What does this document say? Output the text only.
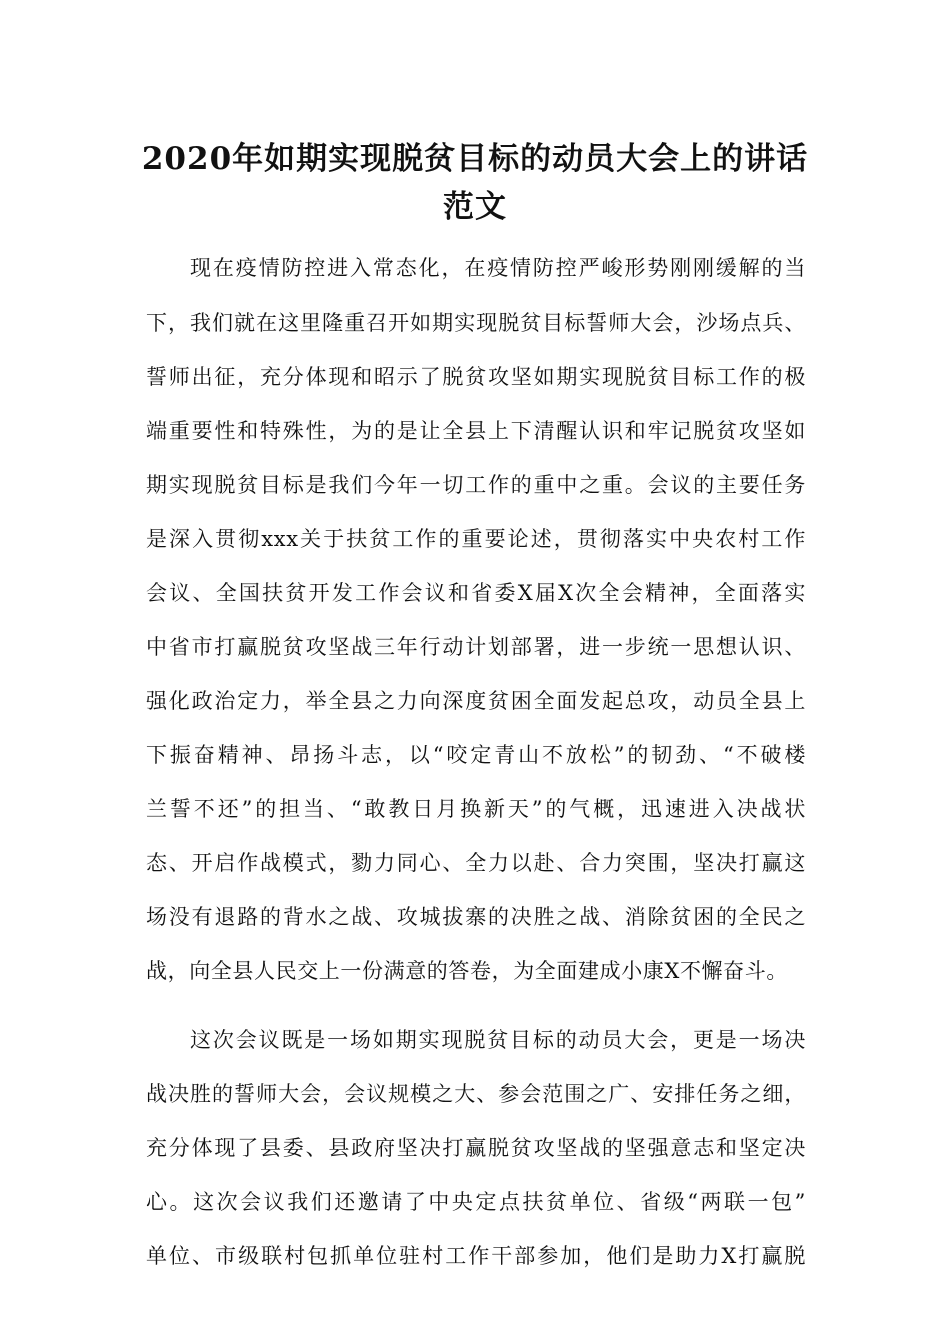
2020年如期实现脱贫目标的动员大会上的讲话
范文

现在疫情防控进入常态化，在疫情防控严峻形势刚刚缓解的当

下，我们就在这里隆重召开如期实现脱贫目标誓师大会，沙场点兵、

誓师出征，充分体现和昭示了脱贫攻坚如期实现脱贫目标工作的极

端重要性和特殊性，为的是让全县上下清醒认识和牢记脱贫攻坚如

期实现脱贫目标是我们今年一切工作的重中之重。会议的主要任务

是深入贯彻xxx关于扶贫工作的重要论述，贯彻落实中央农村工作

会议、全国扶贫开发工作会议和省委X届X次全会精神，全面落实

中省市打赢脱贫攻坚战三年行动计划部署，进一步统一思想认识、

强化政治定力，举全县之力向深度贫困全面发起总攻，动员全县上

下振奋精神、昂扬斗志，以“咬定青山不放松”的韧劲、“不破楼

兰誓不还”的担当、“敢教日月换新天”的气概，迅速进入决战状

态、开启作战模式，勠力同心、全力以赴、合力突围，坚决打赢这

场没有退路的背水之战、攻城拔寨的决胜之战、消除贫困的全民之

战，向全县人民交上一份满意的答卷，为全面建成小康X不懈奋斗。

这次会议既是一场如期实现脱贫目标的动员大会，更是一场决

战决胜的誓师大会，会议规模之大、参会范围之广、安排任务之细，

充分体现了县委、县政府坚决打赢脱贫攻坚战的坚强意志和坚定决

心。这次会议我们还邀请了中央定点扶贫单位、省级“两联一包”

单位、市级联村包抓单位驻村工作干部参加，他们是助力X打赢脱
